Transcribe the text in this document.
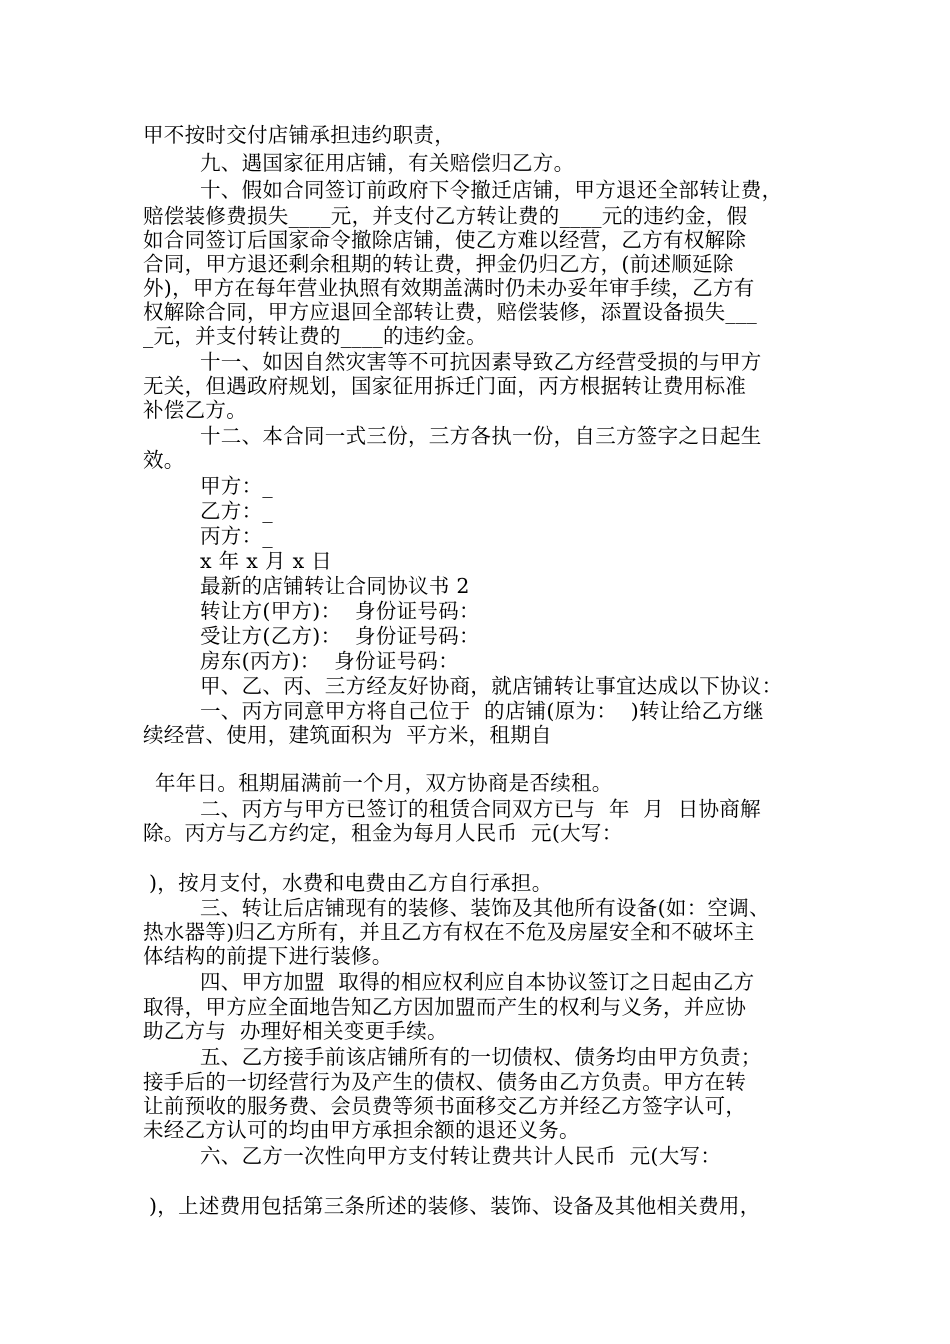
甲不按时交付店铺承担违约职责，
九、遇国家征用店铺，有关赔偿归乙方。
十、假如合同签订前政府下令撤迁店铺，甲方退还全部转让费，
赔偿装修费损失____元，并支付乙方转让费的____元的违约金，假
如合同签订后国家命令撤除店铺，使乙方难以经营，乙方有权解除
合同，甲方退还剩余租期的转让费，押金仍归乙方，(前述顺延除
外)，甲方在每年营业执照有效期盖满时仍未办妥年审手续，乙方有
权解除合同，甲方应退回全部转让费，赔偿装修，添置设备损失___
_元，并支付转让费的____的违约金。
十一、如因自然灾害等不可抗因素导致乙方经营受损的与甲方
无关，但遇政府规划，国家征用拆迁门面，丙方根据转让费用标准
补偿乙方。
十二、本合同一式三份，三方各执一份，自三方签字之日起生
效。
甲方：_
乙方：_
丙方：_
x 年 x 月 x 日
最新的店铺转让合同协议书 2
转让方(甲方)：  身份证号码：
受让方(乙方)：  身份证号码：
房东(丙方)：  身份证号码：
甲、乙、丙、三方经友好协商，就店铺转让事宜达成以下协议：
一、丙方同意甲方将自己位于  的店铺(原为：  )转让给乙方继
续经营、使用，建筑面积为  平方米，租期自
年年日。租期届满前一个月，双方协商是否续租。
二、丙方与甲方已签订的租赁合同双方已与  年  月  日协商解
除。丙方与乙方约定，租金为每月人民币  元(大写：
)，按月支付，水费和电费由乙方自行承担。
三、转让后店铺现有的装修、装饰及其他所有设备(如：空调、
热水器等)归乙方所有，并且乙方有权在不危及房屋安全和不破坏主
体结构的前提下进行装修。
四、甲方加盟  取得的相应权利应自本协议签订之日起由乙方
取得，甲方应全面地告知乙方因加盟而产生的权利与义务，并应协
助乙方与  办理好相关变更手续。
五、乙方接手前该店铺所有的一切债权、债务均由甲方负责；
接手后的一切经营行为及产生的债权、债务由乙方负责。甲方在转
让前预收的服务费、会员费等须书面移交乙方并经乙方签字认可，
未经乙方认可的均由甲方承担余额的退还义务。
六、乙方一次性向甲方支付转让费共计人民币  元(大写：
)，上述费用包括第三条所述的装修、装饰、设备及其他相关费用，
